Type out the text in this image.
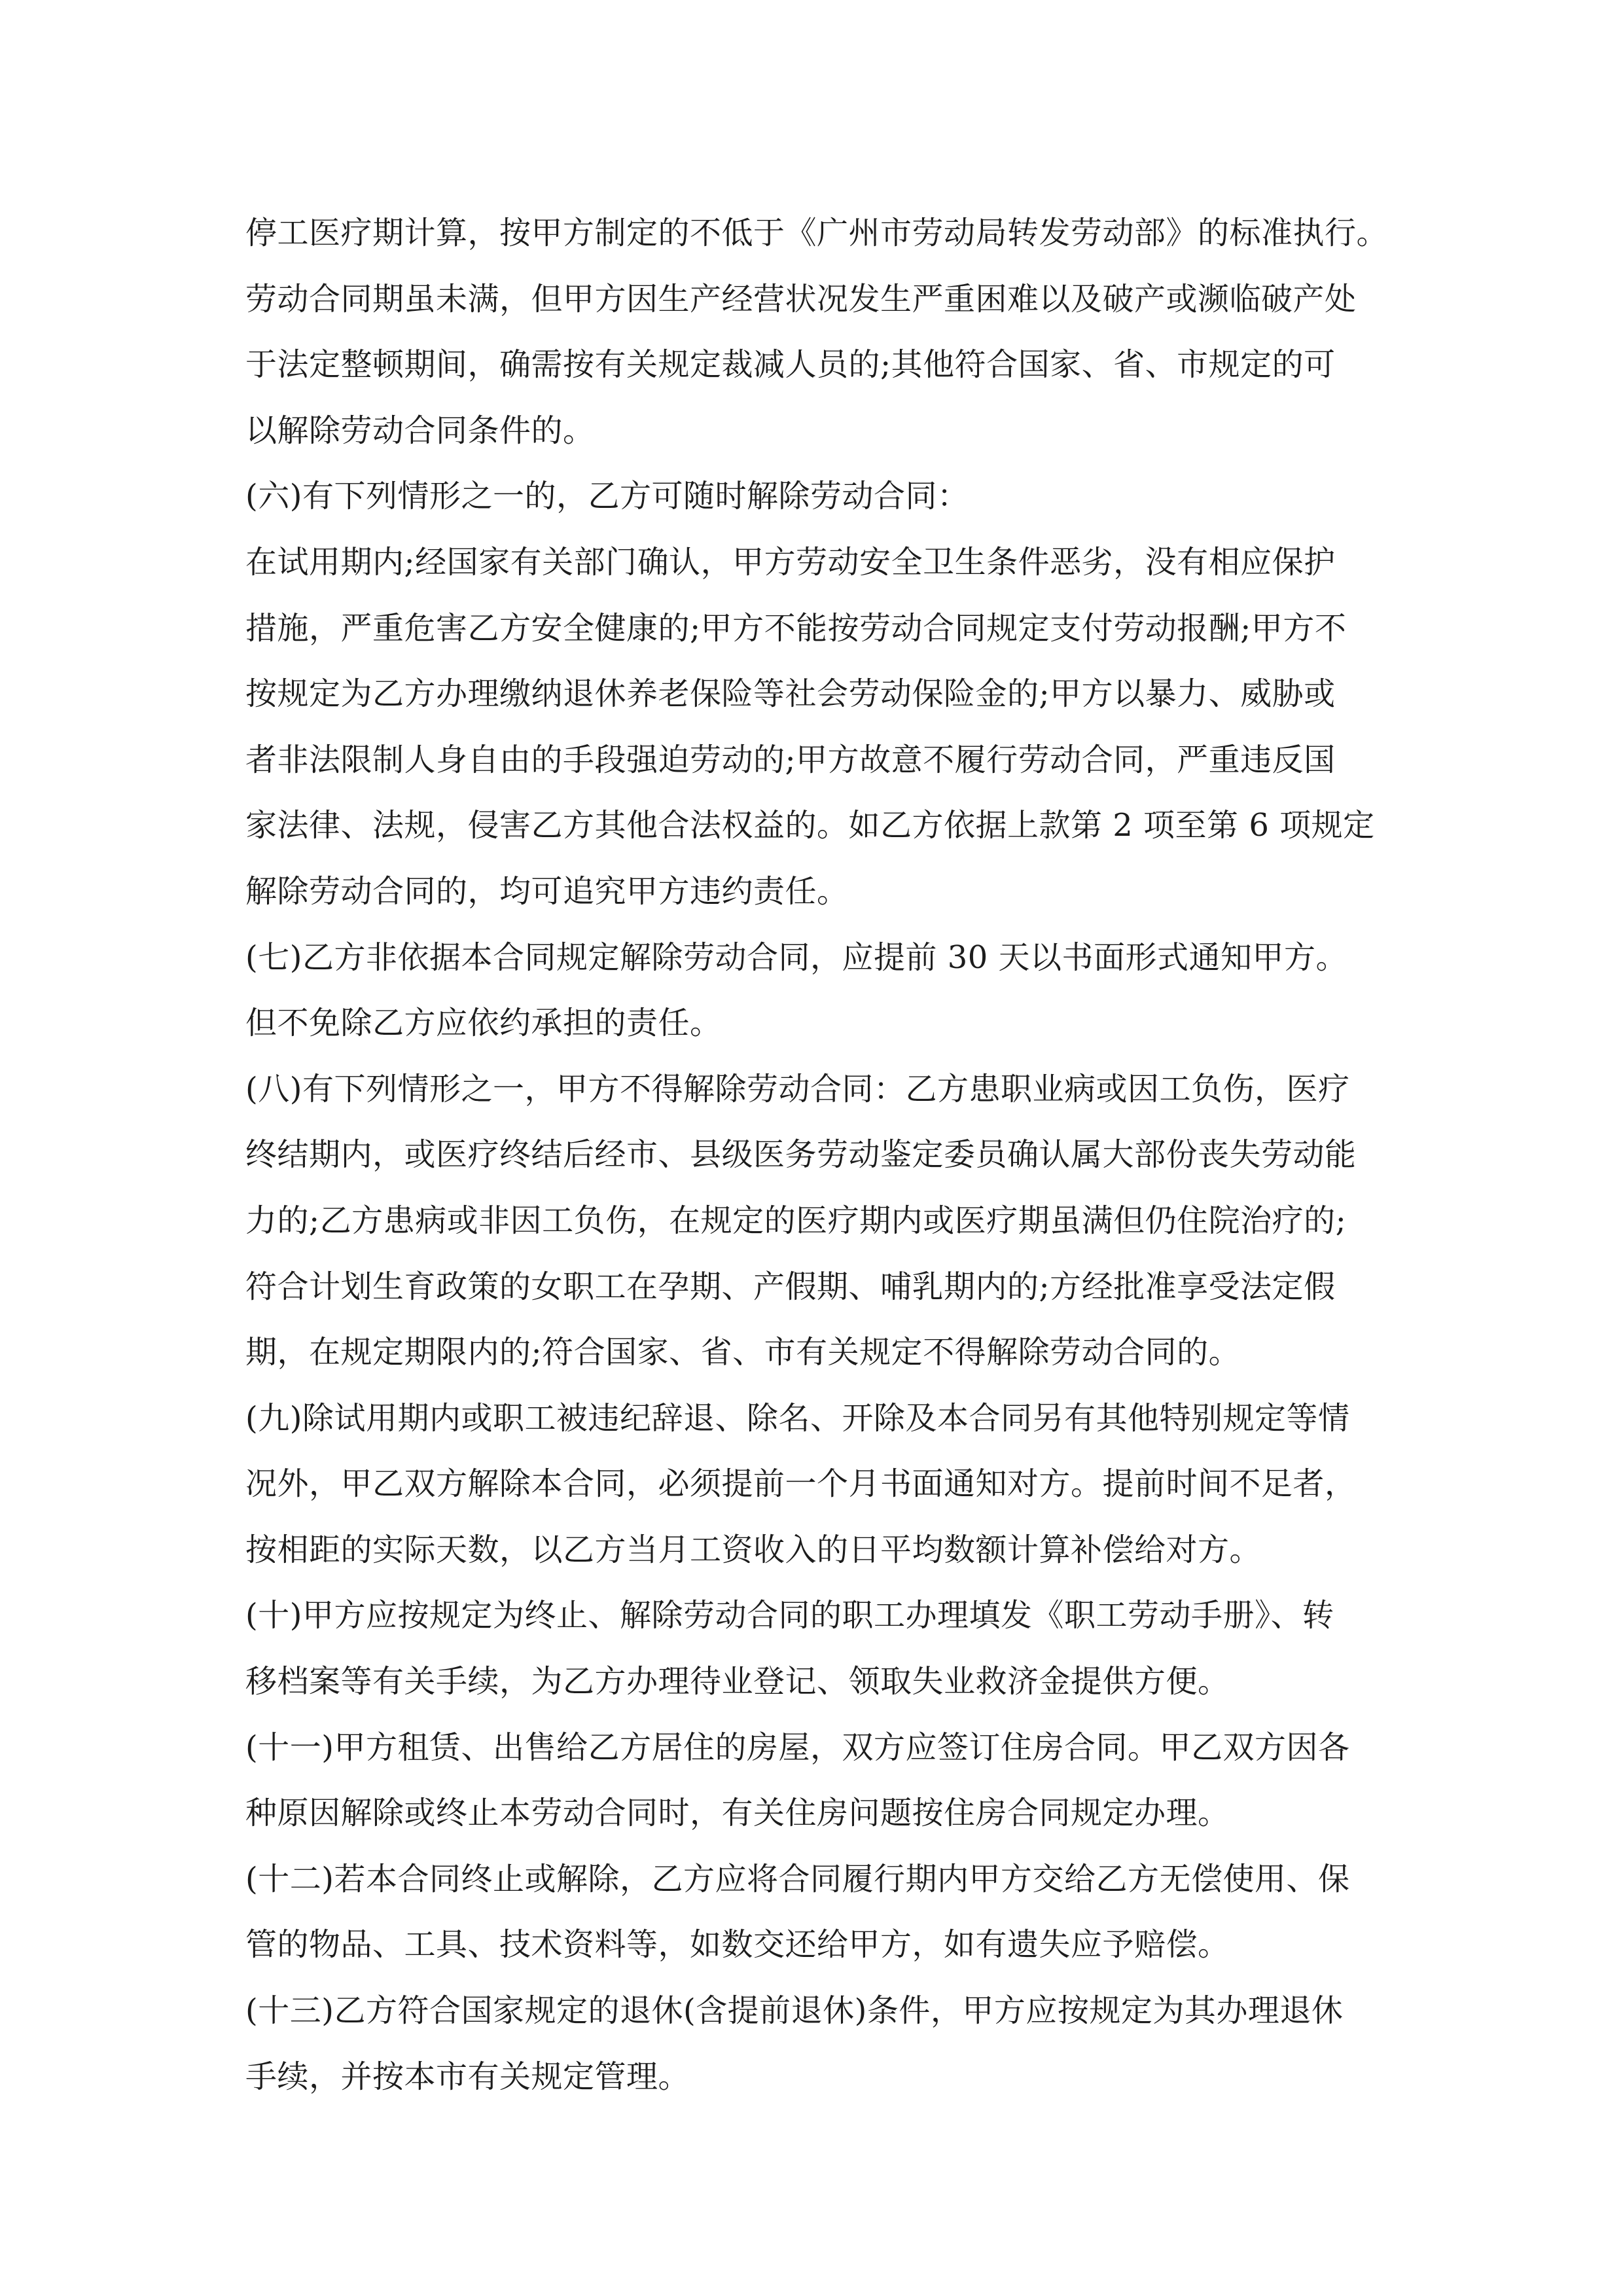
停工医疗期计算，按甲方制定的不低于《广州市劳动局转发劳动部》的标准执行。
劳动合同期虽未满，但甲方因生产经营状况发生严重困难以及破产或濒临破产处
于法定整顿期间，确需按有关规定裁减人员的;其他符合国家、省、市规定的可
以解除劳动合同条件的。
(六)有下列情形之一的，乙方可随时解除劳动合同：
在试用期内;经国家有关部门确认，甲方劳动安全卫生条件恶劣，没有相应保护
措施，严重危害乙方安全健康的;甲方不能按劳动合同规定支付劳动报酬;甲方不
按规定为乙方办理缴纳退休养老保险等社会劳动保险金的;甲方以暴力、威胁或
者非法限制人身自由的手段强迫劳动的;甲方故意不履行劳动合同，严重违反国
家法律、法规，侵害乙方其他合法权益的。如乙方依据上款第 2 项至第 6 项规定
解除劳动合同的，均可追究甲方违约责任。
(七)乙方非依据本合同规定解除劳动合同，应提前 30 天以书面形式通知甲方。
但不免除乙方应依约承担的责任。
(八)有下列情形之一，甲方不得解除劳动合同：乙方患职业病或因工负伤，医疗
终结期内，或医疗终结后经市、县级医务劳动鉴定委员确认属大部份丧失劳动能
力的;乙方患病或非因工负伤，在规定的医疗期内或医疗期虽满但仍住院治疗的;
符合计划生育政策的女职工在孕期、产假期、哺乳期内的;方经批准享受法定假
期，在规定期限内的;符合国家、省、市有关规定不得解除劳动合同的。
(九)除试用期内或职工被违纪辞退、除名、开除及本合同另有其他特别规定等情
况外，甲乙双方解除本合同，必须提前一个月书面通知对方。提前时间不足者，
按相距的实际天数，以乙方当月工资收入的日平均数额计算补偿给对方。
(十)甲方应按规定为终止、解除劳动合同的职工办理填发《职工劳动手册》、转
移档案等有关手续，为乙方办理待业登记、领取失业救济金提供方便。
(十一)甲方租赁、出售给乙方居住的房屋，双方应签订住房合同。甲乙双方因各
种原因解除或终止本劳动合同时，有关住房问题按住房合同规定办理。
(十二)若本合同终止或解除，乙方应将合同履行期内甲方交给乙方无偿使用、保
管的物品、工具、技术资料等，如数交还给甲方，如有遗失应予赔偿。
(十三)乙方符合国家规定的退休(含提前退休)条件，甲方应按规定为其办理退休
手续，并按本市有关规定管理。
